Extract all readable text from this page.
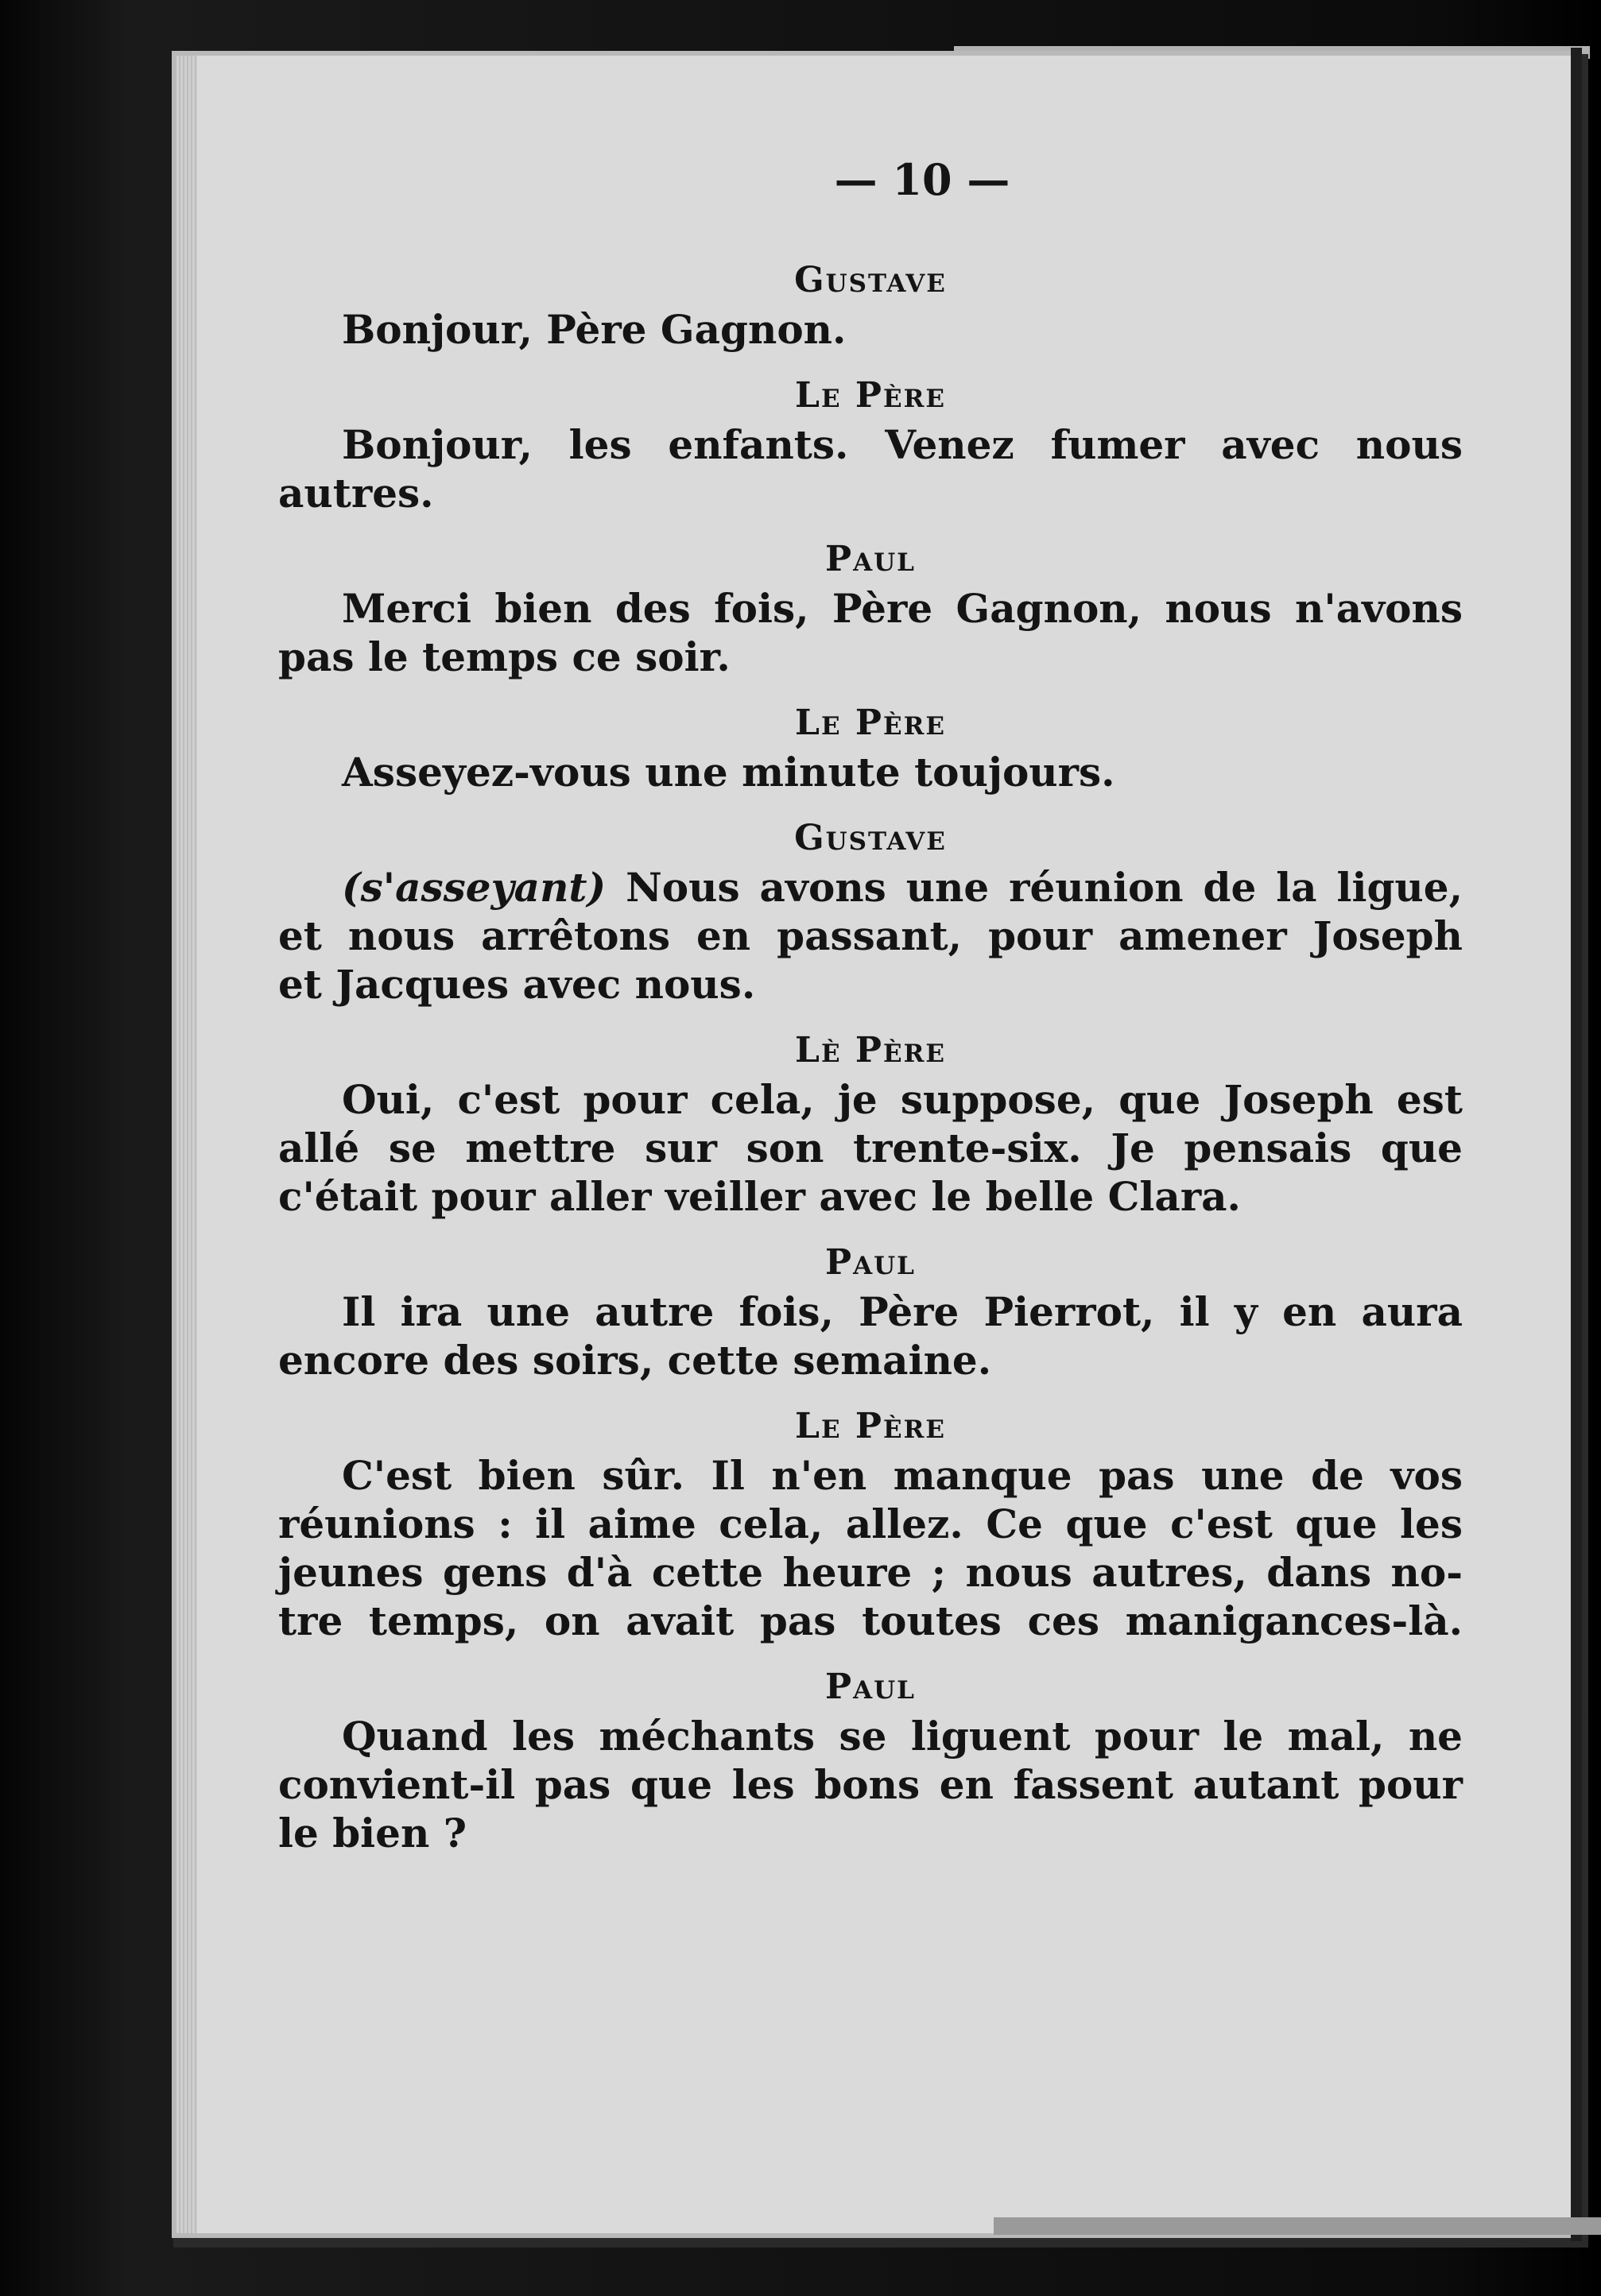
— 10 —
Gustave
Bonjour, Père Gagnon.
Le Père
Bonjour, les enfants. Venez fumer avec nous
autres.
Paul
Merci bien des fois, Père Gagnon, nous n'avons
pas le temps ce soir.
Le Père
Asseyez-vous une minute toujours.
Gustave
(s'asseyant) Nous avons une réunion de la ligue,
et nous arrêtons en passant, pour amener Joseph
et Jacques avec nous.
Lè Père
Oui, c'est pour cela, je suppose, que Joseph est
allé se mettre sur son trente-six. Je pensais que
c'était pour aller veiller avec le belle Clara.
Paul
Il ira une autre fois, Père Pierrot, il y en aura
encore des soirs, cette semaine.
Le Père
C'est bien sûr. Il n'en manque pas une de vos
réunions : il aime cela, allez. Ce que c'est que les
jeunes gens d'à cette heure ; nous autres, dans no-
tre temps, on avait pas toutes ces manigances-là.
Paul
Quand les méchants se liguent pour le mal, ne
convient-il pas que les bons en fassent autant pour
le bien ?
